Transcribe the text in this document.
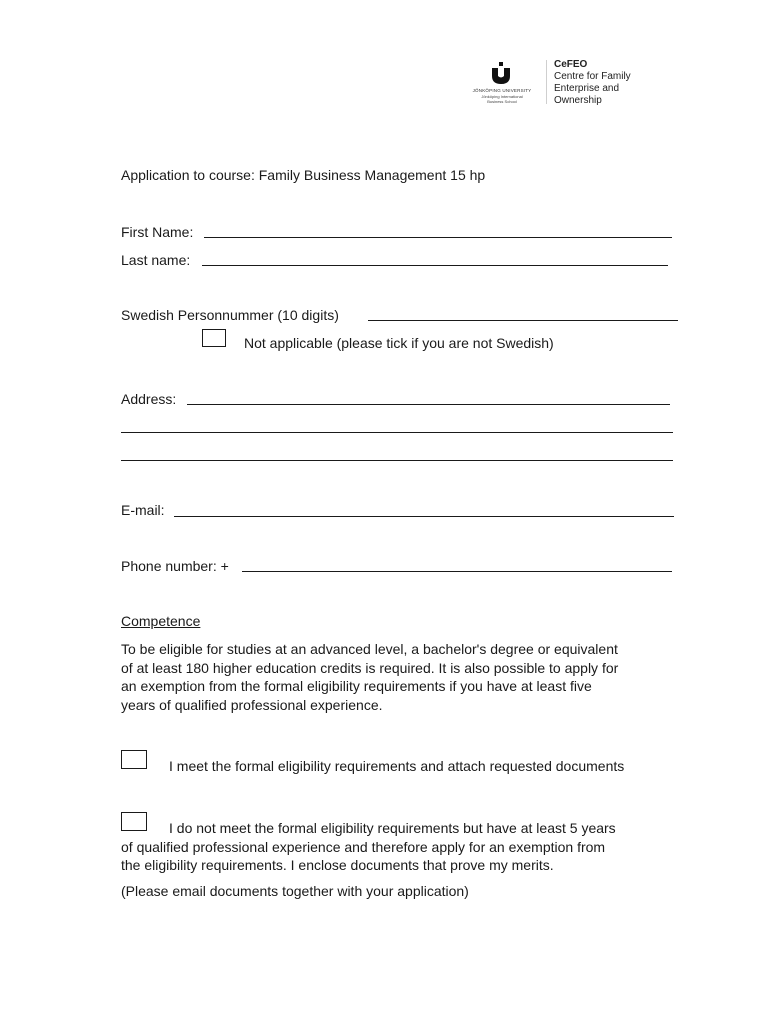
JÖNKÖPING UNIVERSITY
Jönköping International
Business School
CeFEO
Centre for Family
Enterprise and
Ownership
Application to course: Family Business Management 15 hp
First Name:
Last name:
Swedish Personnummer (10 digits)
Not applicable (please tick if you are not Swedish)
Address:
E-mail:
Phone number: +
Competence
To be eligible for studies at an advanced level, a bachelor's degree or equivalent
of at least 180 higher education credits is required. It is also possible to apply for
an exemption from the formal eligibility requirements if you have at least five
years of qualified professional experience.
I meet the formal eligibility requirements and attach requested documents
I do not meet the formal eligibility requirements but have at least 5 years
of qualified professional experience and therefore apply for an exemption from
the eligibility requirements. I enclose documents that prove my merits.
(Please email documents together with your application)
